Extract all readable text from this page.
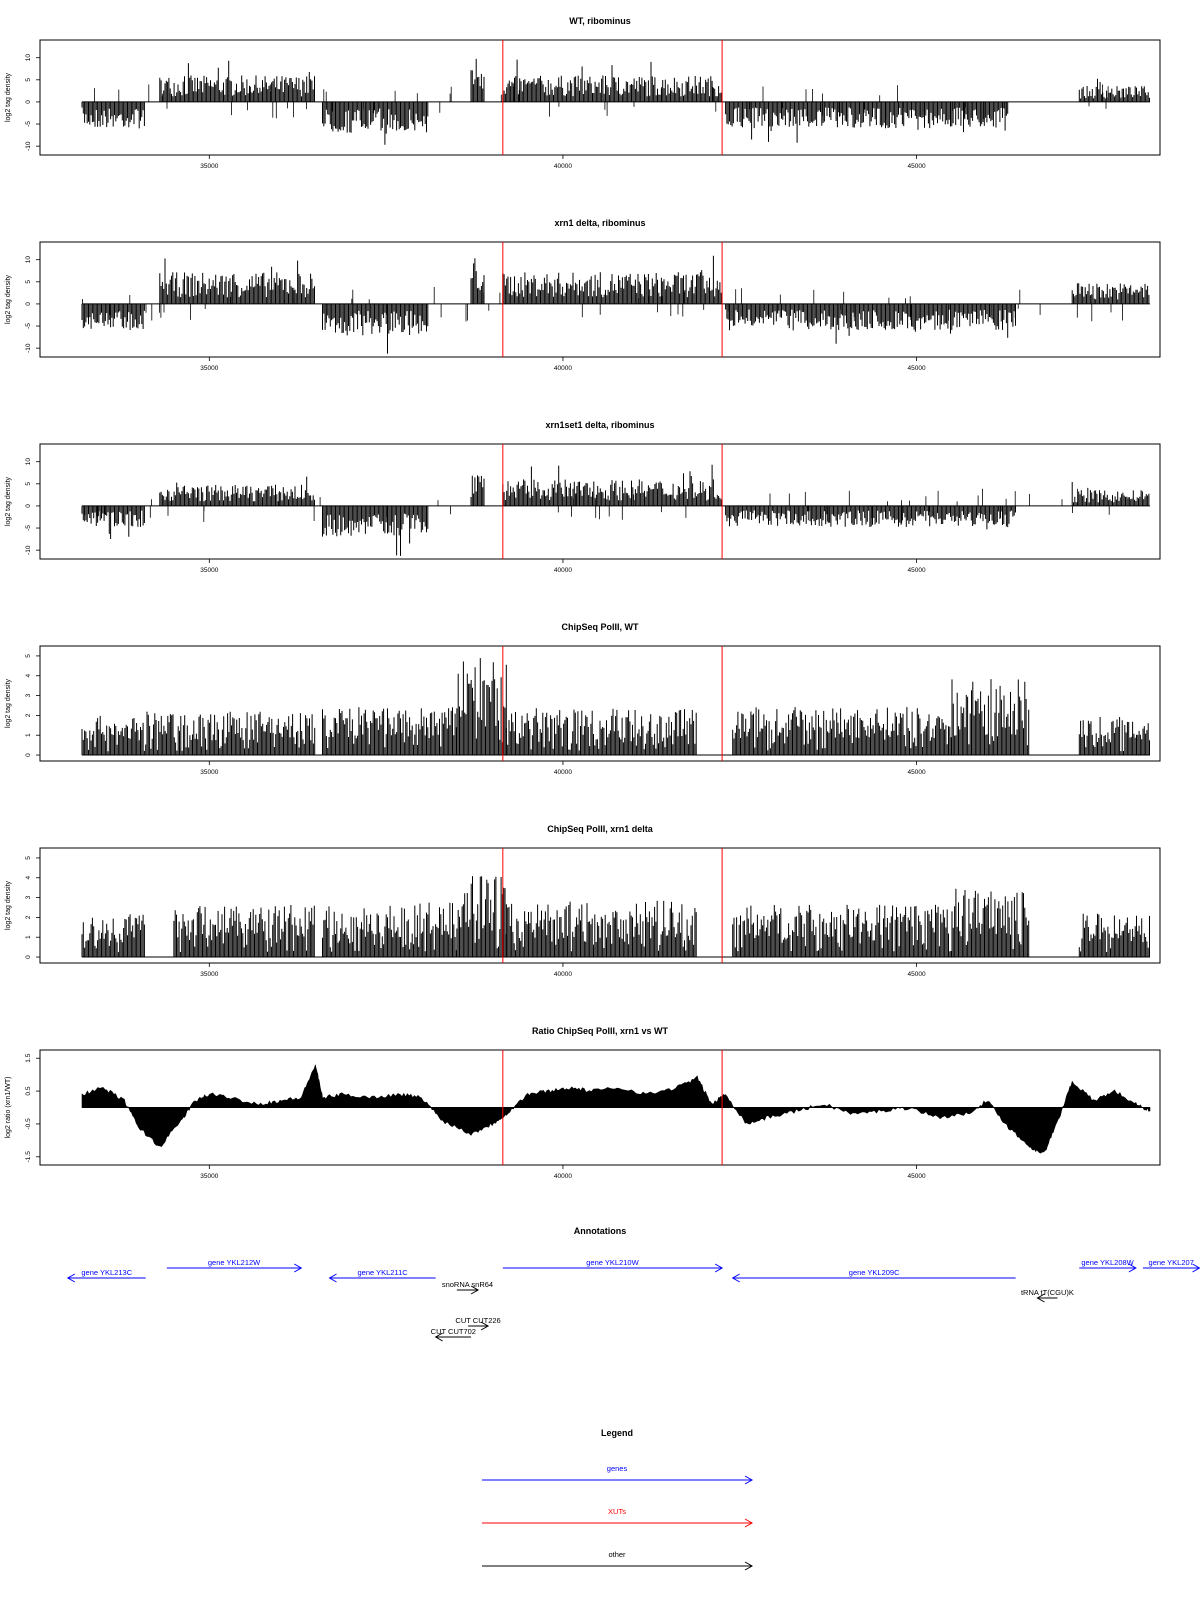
WT, ribominus
log2 tag density
-10
-5
0
5
10
35000	40000	45000
xrn1 delta, ribominus
log2 tag density
-10
-5
0
5
10
35000	40000	45000
xrn1set1 delta, ribominus
log2 tag density
-10
-5
0
5
10
35000	40000	45000
ChipSeq PolII, WT
log2 tag density
0
1
2
3
4
5
35000	40000	45000
ChipSeq PolII, xrn1 delta
log2 tag density
0
1
2
3
4
5
35000	40000	45000
Ratio ChipSeq PolII, xrn1 vs WT
log2 ratio (xrn1/WT)
-1.5
-0.5
0.5
1.5
35000	40000	45000
Annotations
gene YKL213C
gene YKL212W
gene YKL211C
snoRNA snR64
gene YKL210W
gene YKL209C
tRNA tT(CGU)K
gene YKL208W gene YKL207
CUT CUT226
CUT CUT702
Legend
genes
XUTs
other
